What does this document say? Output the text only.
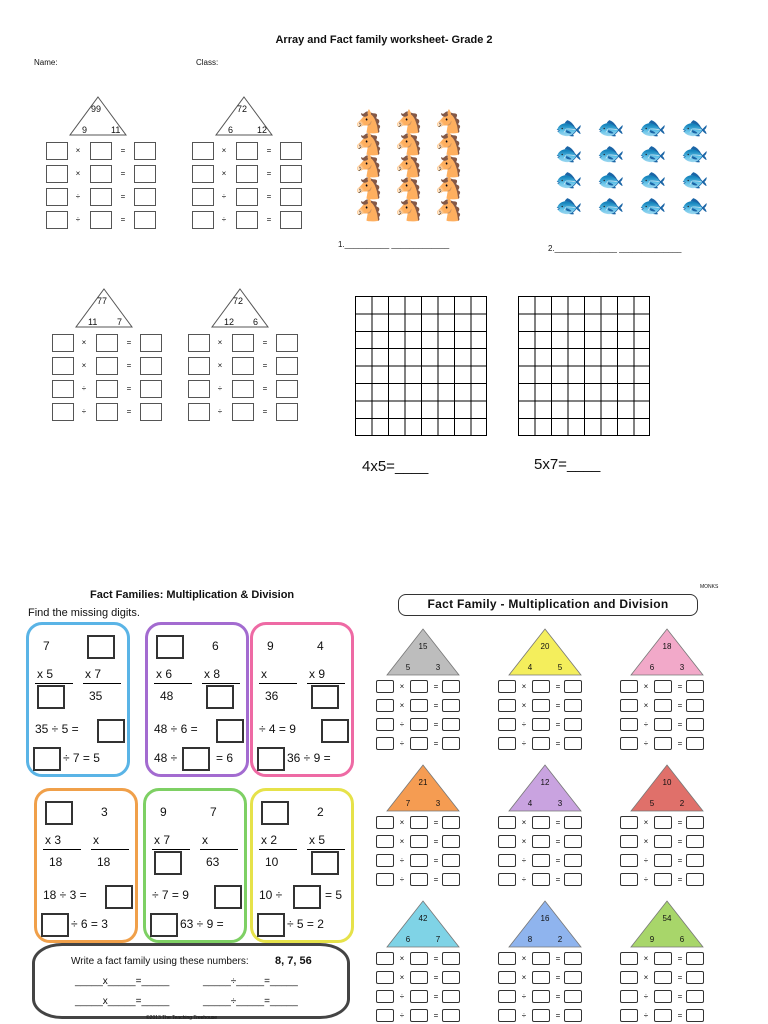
Array and Fact family worksheet- Grade 2
Name:	Class:
99
9	11
×	=
×	=
÷	=
÷	=
72
6	12
×	=
×	=
÷	=
÷	=
77
11 7
×	=
×	=
÷	=
÷	=
72
12 6
×	=
×	=
÷	=
÷	=
🐴 🐴 🐴
🐴 🐴 🐴
🐴 🐴 🐴
🐴 🐴 🐴
🐴 🐴 🐴
1.__________ _____________
🐟 🐟 🐟 🐟
🐟 🐟 🐟 🐟
🐟 🐟 🐟 🐟
🐟 🐟 🐟 🐟
2.______________ ______________
4x5=____	5x7=____
Fact Families: Multiplication & Division
Find the missing digits.
7
x 5	x 7
35
35 ÷ 5 =
÷ 7 = 5
6
x 6	x 8
48
48 ÷ 6 =
48 ÷	= 6
9	4
x	x 9
36
÷ 4 = 9
36 ÷ 9 =
3
x 3	x
18	18
18 ÷ 3 =
÷ 6 = 3
9	7
x 7	x
63
÷ 7 = 9
63 ÷ 9 =
2
x 2	x 5
10
10 ÷	= 5
÷ 5 = 2
Write a fact family using these numbers: 8, 7, 56
_____x_____=_____	_____÷_____=_____
_____x_____=_____	_____÷_____=_____
©2013 The Teaching Treehouse
MONKS
Fact Family - Multiplication and Division
15
5	3
×	=
×	=
÷	=
÷	=
20
4	5
×	=
×	=
÷	=
÷	=
18
6	3
×	=
×	=
÷	=
÷	=
21
7	3
×	=
×	=
÷	=
÷	=
12
4	3
×	=
×	=
÷	=
÷	=
10
5	2
×	=
×	=
÷	=
÷	=
42
6	7
×	=
×	=
÷	=
÷	=
16
8	2
×	=
×	=
÷	=
÷	=
54
9	6
×	=
×	=
÷	=
÷	=
